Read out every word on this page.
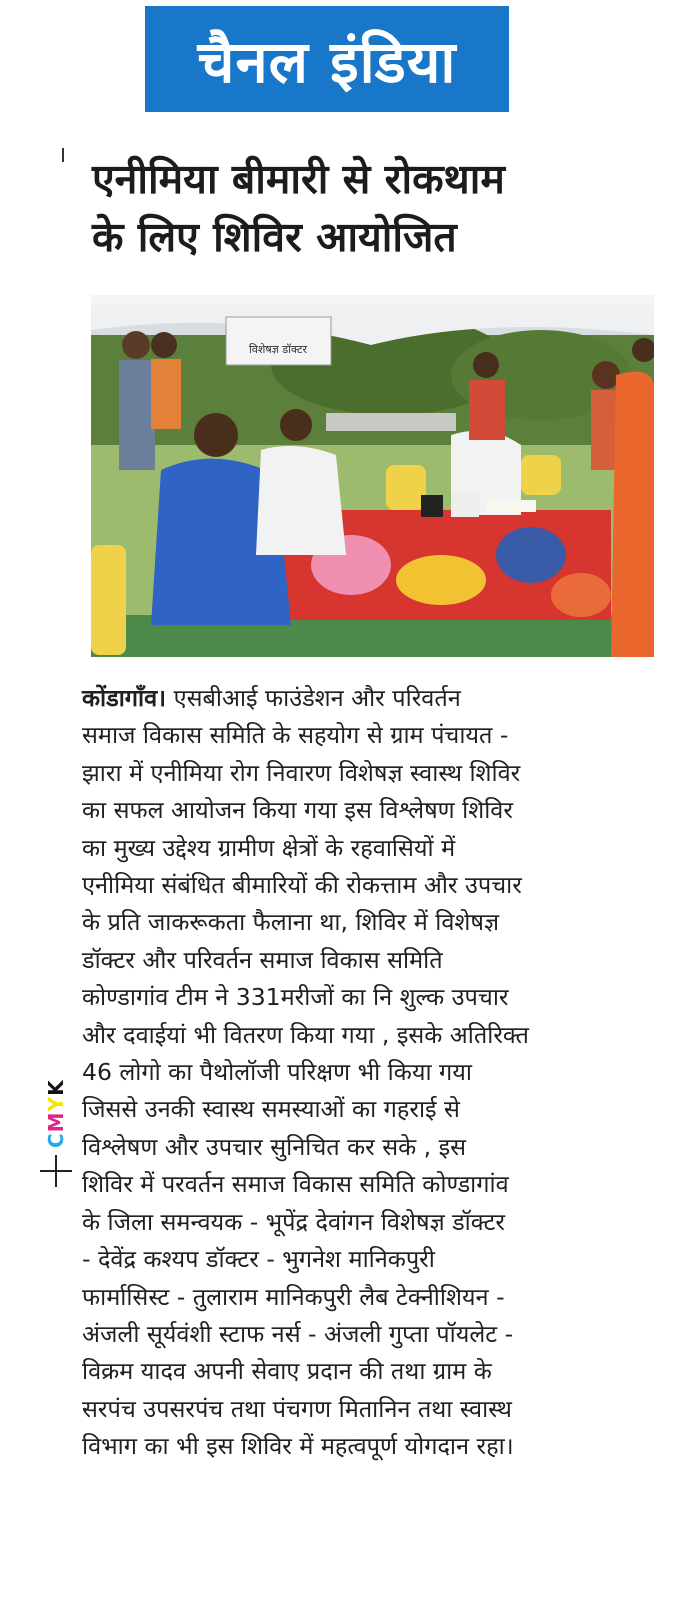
चैनल इंडिया
एनीमिया बीमारी से रोकथाम
के लिए शिविर आयोजित
विशेषज्ञ डॉक्टर
कोंडागाँव। एसबीआई फाउंडेशन और परिवर्तन
समाज विकास समिति के सहयोग से ग्राम पंचायत -
झारा में एनीमिया रोग निवारण विशेषज्ञ स्वास्थ शिविर
का सफल आयोजन किया गया इस विश्लेषण शिविर
का मुख्य उद्देश्य ग्रामीण क्षेत्रों के रहवासियों में
एनीमिया संबंधित बीमारियों की रोकत्ताम और उपचार
के प्रति जाकरूकता फैलाना था, शिविर में विशेषज्ञ
डॉक्टर और परिवर्तन समाज विकास समिति
कोण्डागांव टीम ने 331मरीजों का नि शुल्क उपचार
और दवाईयां भी वितरण किया गया , इसके अतिरिक्त
46 लोगो का पैथोलॉजी परिक्षण भी किया गया
जिससे उनकी स्वास्थ समस्याओं का गहराई से
विश्लेषण और उपचार सुनिचित कर सके , इस
शिविर में परवर्तन समाज विकास समिति कोण्डागांव
के जिला समन्वयक - भूपेंद्र देवांगन विशेषज्ञ डॉक्टर
- देवेंद्र कश्यप डॉक्टर - भुगनेश मानिकपुरी
फार्मासिस्ट - तुलाराम मानिकपुरी लैब टेक्नीशियन -
अंजली सूर्यवंशी स्टाफ नर्स - अंजली गुप्ता पॉयलेट -
विक्रम यादव अपनी सेवाए प्रदान की तथा ग्राम के
सरपंच उपसरपंच तथा पंचगण मितानिन तथा स्वास्थ
विभाग का भी इस शिविर में महत्वपूर्ण योगदान रहा।
CMYK
